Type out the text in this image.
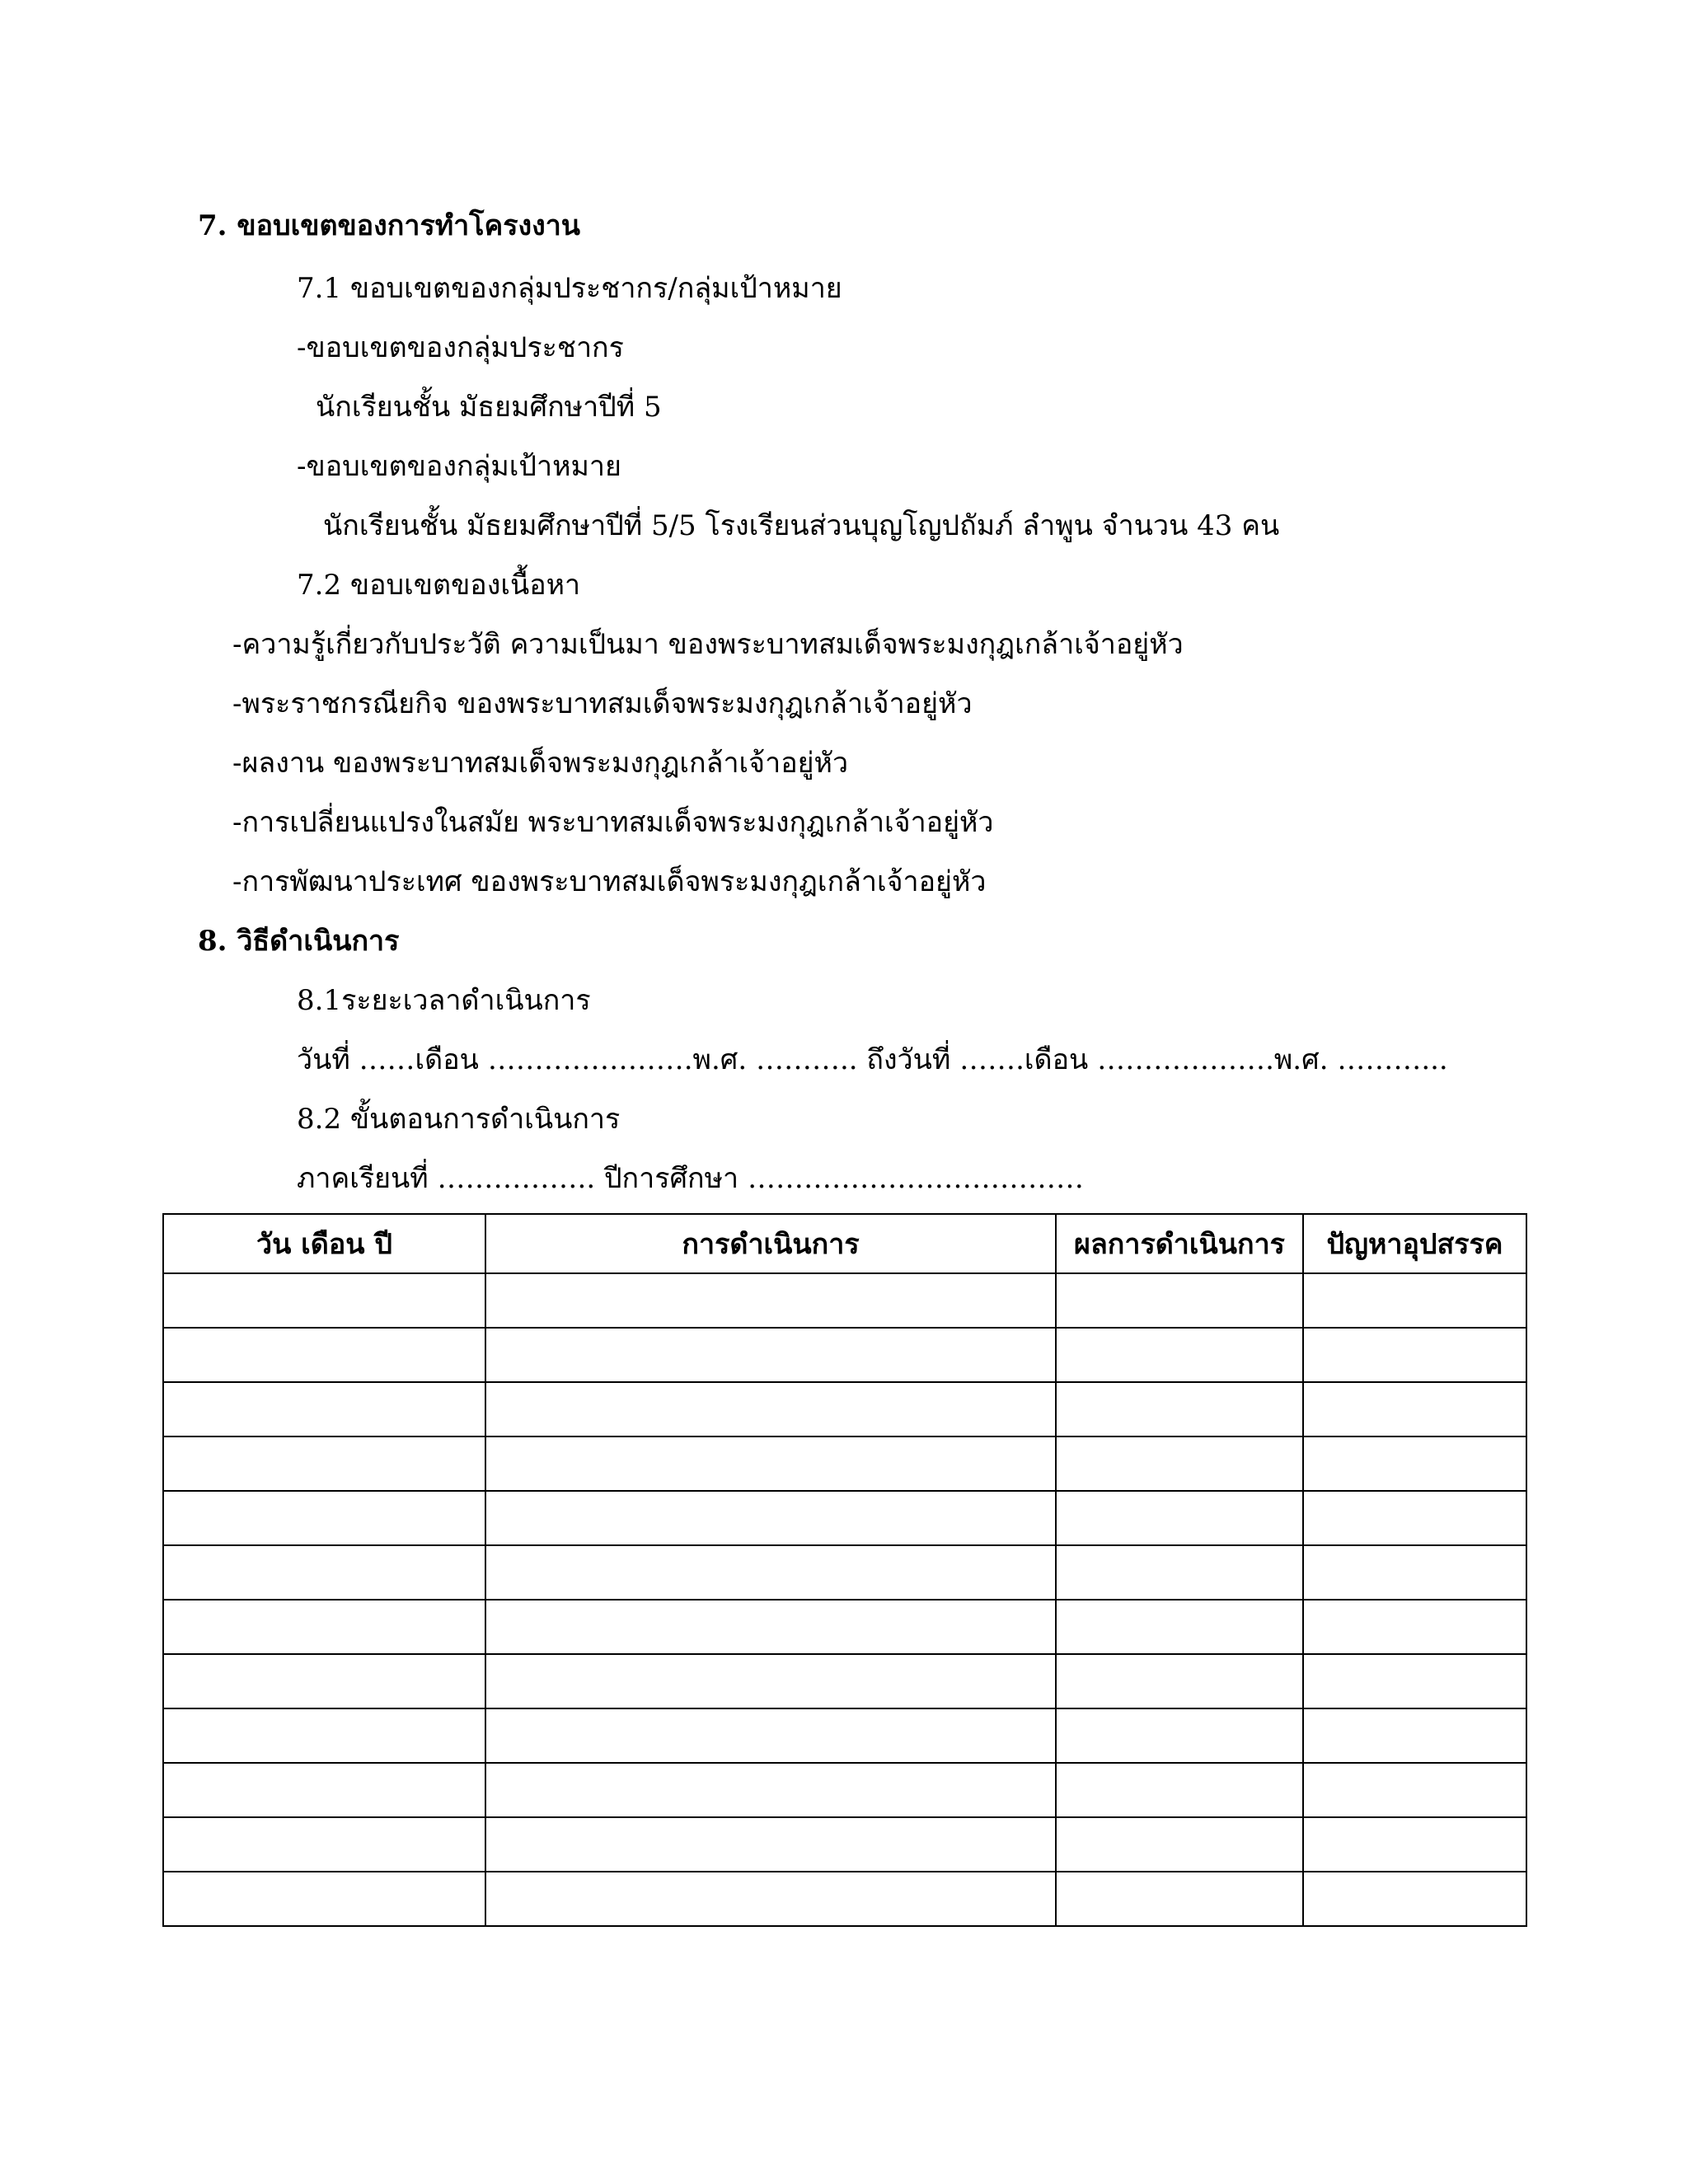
7. ขอบเขตของการทำโครงงาน
7.1 ขอบเขตของกลุ่มประชากร/กลุ่มเป้าหมาย
-ขอบเขตของกลุ่มประชากร
นักเรียนชั้น มัธยมศึกษาปีที่ 5
-ขอบเขตของกลุ่มเป้าหมาย
นักเรียนชั้น มัธยมศึกษาปีที่ 5/5 โรงเรียนส่วนบุญโญปถัมภ์ ลำพูน จำนวน 43 คน
7.2 ขอบเขตของเนื้อหา
-ความรู้เกี่ยวกับประวัติ ความเป็นมา ของพระบาทสมเด็จพระมงกุฎเกล้าเจ้าอยู่หัว
-พระราชกรณียกิจ ของพระบาทสมเด็จพระมงกุฎเกล้าเจ้าอยู่หัว
-ผลงาน ของพระบาทสมเด็จพระมงกุฎเกล้าเจ้าอยู่หัว
-การเปลี่ยนแปรงในสมัย พระบาทสมเด็จพระมงกุฎเกล้าเจ้าอยู่หัว
-การพัฒนาประเทศ ของพระบาทสมเด็จพระมงกุฎเกล้าเจ้าอยู่หัว
8. วิธีดำเนินการ
8.1ระยะเวลาดำเนินการ
วันที่ ……เดือน ………………….พ.ศ. ……….. ถึงวันที่ …….เดือน ……………….พ.ศ. ………...
8.2 ขั้นตอนการดำเนินการ
ภาคเรียนที่ …………….. ปีการศึกษา ………………………………
วัน เดือน ปี	การดำเนินการ	ผลการดำเนินการ	ปัญหาอุปสรรค
